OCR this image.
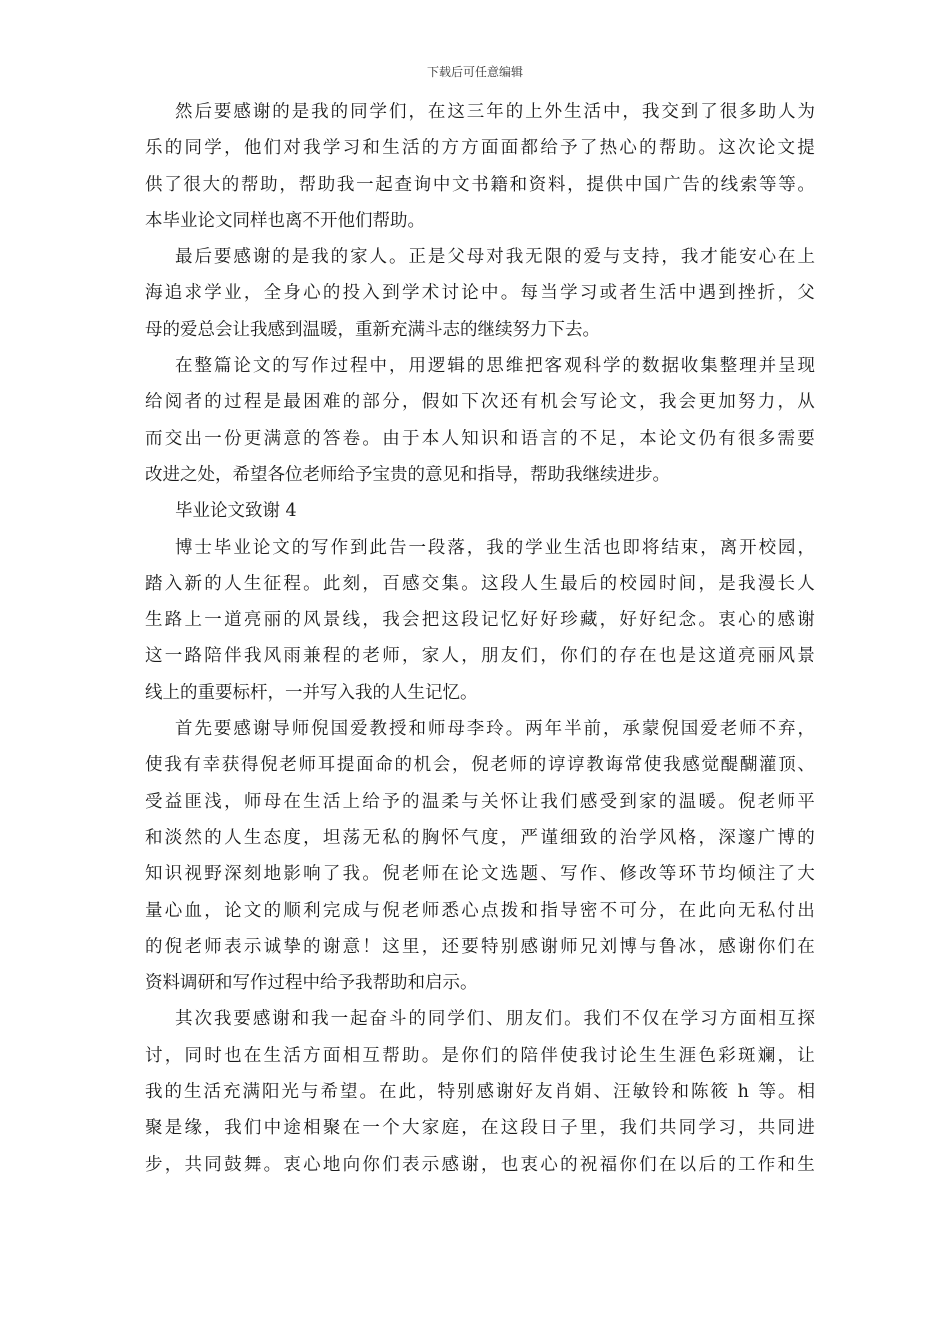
下载后可任意编辑
然 后 要 感 谢 的 是 我 的 同 学 们 ， 在 这 三 年 的 上 外 生 活 中 ， 我 交 到 了 很 多 助 人 为
乐 的 同 学 ， 他 们 对 我 学 习 和 生 活 的 方 方 面 面 都 给 予 了 热 心 的 帮 助 。 这 次 论 文 提
供 了 很 大 的 帮 助 ， 帮 助 我 一 起 查 询 中 文 书 籍 和 资 料 ， 提 供 中 国 广 告 的 线 索 等 等 。
本毕业论文同样也离不开他们帮助。
最 后 要 感 谢 的 是 我 的 家 人 。 正 是 父 母 对 我 无 限 的 爱 与 支 持 ， 我 才 能 安 心 在 上
海 追 求 学 业 ， 全 身 心 的 投 入 到 学 术 讨 论 中 。 每 当 学 习 或 者 生 活 中 遇 到 挫 折 ， 父
母的爱总会让我感到温暖，重新充满斗志的继续努力下去。
在 整 篇 论 文 的 写 作 过 程 中 ， 用 逻 辑 的 思 维 把 客 观 科 学 的 数 据 收 集 整 理 并 呈 现
给 阅 者 的 过 程 是 最 困 难 的 部 分 ， 假 如 下 次 还 有 机 会 写 论 文 ， 我 会 更 加 努 力 ， 从
而 交 出 一 份 更 满 意 的 答 卷 。 由 于 本 人 知 识 和 语 言 的 不 足 ， 本 论 文 仍 有 很 多 需 要
改进之处，希望各位老师给予宝贵的意见和指导，帮助我继续进步。
毕业论文致谢 4
博 士 毕 业 论 文 的 写 作 到 此 告 一 段 落 ， 我 的 学 业 生 活 也 即 将 结 束 ， 离 开 校 园 ，
踏 入 新 的 人 生 征 程 。 此 刻 ， 百 感 交 集 。 这 段 人 生 最 后 的 校 园 时 间 ， 是 我 漫 长 人
生 路 上 一 道 亮 丽 的 风 景 线 ， 我 会 把 这 段 记 忆 好 好 珍 藏 ， 好 好 纪 念 。 衷 心 的 感 谢
这 一 路 陪 伴 我 风 雨 兼 程 的 老 师 ， 家 人 ， 朋 友 们 ， 你 们 的 存 在 也 是 这 道 亮 丽 风 景
线上的重要标杆，一并写入我的人生记忆。
首 先 要 感 谢 导 师 倪 国 爱 教 授 和 师 母 李 玲 。 两 年 半 前 ， 承 蒙 倪 国 爱 老 师 不 弃 ，
使 我 有 幸 获 得 倪 老 师 耳 提 面 命 的 机 会 ， 倪 老 师 的 谆 谆 教 诲 常 使 我 感 觉 醍 醐 灌 顶 、
受 益 匪 浅 ， 师 母 在 生 活 上 给 予 的 温 柔 与 关 怀 让 我 们 感 受 到 家 的 温 暖 。 倪 老 师 平
和 淡 然 的 人 生 态 度 ， 坦 荡 无 私 的 胸 怀 气 度 ， 严 谨 细 致 的 治 学 风 格 ， 深 邃 广 博 的
知 识 视 野 深 刻 地 影 响 了 我 。 倪 老 师 在 论 文 选 题 、 写 作 、 修 改 等 环 节 均 倾 注 了 大
量 心 血 ， 论 文 的 顺 利 完 成 与 倪 老 师 悉 心 点 拨 和 指 导 密 不 可 分 ， 在 此 向 无 私 付 出
的 倪 老 师 表 示 诚 挚 的 谢 意 ！ 这 里 ， 还 要 特 别 感 谢 师 兄 刘 博 与 鲁 冰 ， 感 谢 你 们 在
资料调研和写作过程中给予我帮助和启示。
其 次 我 要 感 谢 和 我 一 起 奋 斗 的 同 学 们 、 朋 友 们 。 我 们 不 仅 在 学 习 方 面 相 互 探
讨 ， 同 时 也 在 生 活 方 面 相 互 帮 助 。 是 你 们 的 陪 伴 使 我 讨 论 生 生 涯 色 彩 斑 斓 ， 让
我 的 生 活 充 满 阳 光 与 希 望 。 在 此 ， 特 别 感 谢 好 友 肖 娟 、 汪 敏 铃 和 陈 筱
h
等 。 相
聚 是 缘 ， 我 们 中 途 相 聚 在 一 个 大 家 庭 ， 在 这 段 日 子 里 ， 我 们 共 同 学 习 ， 共 同 进
步 ， 共 同 鼓 舞 。 衷 心 地 向 你 们 表 示 感 谢 ， 也 衷 心 的 祝 福 你 们 在 以 后 的 工 作 和 生
